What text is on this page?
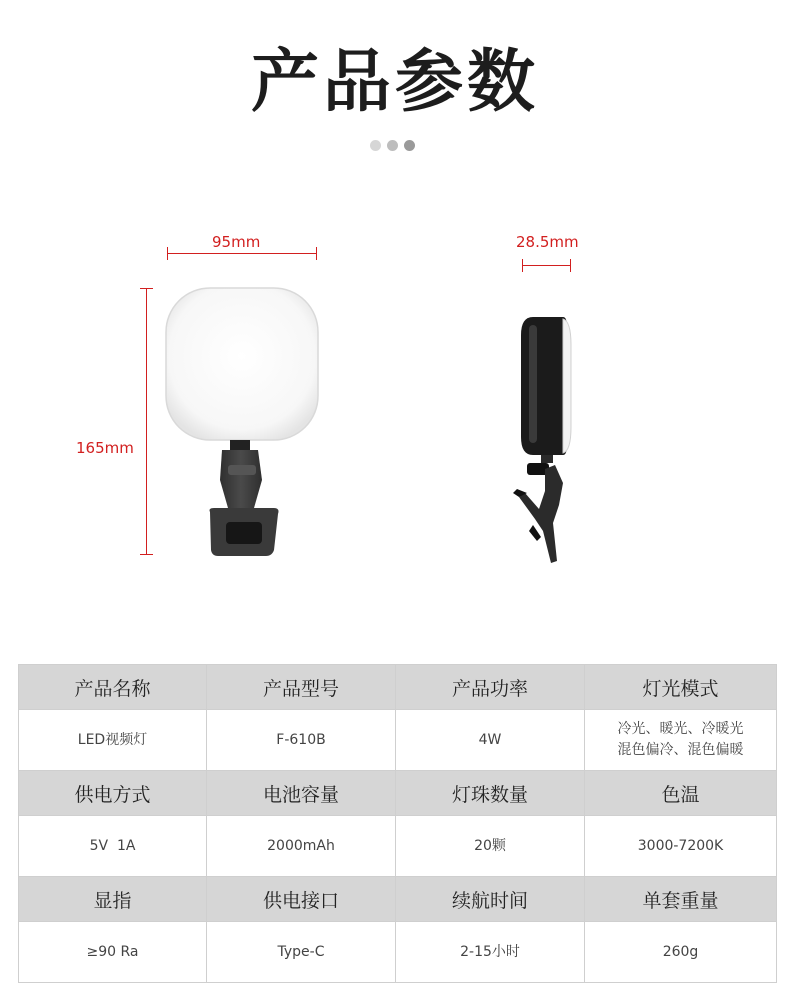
产品参数
95mm
165mm
28.5mm
产品名称	产品型号	产品功率	灯光模式
LED视频灯	F-610B	4W	冷光、暖光、冷暖光
混色偏冷、混色偏暖
供电方式	电池容量	灯珠数量	色温
5V  1A	2000mAh	20颗	3000-7200K
显指	供电接口	续航时间	单套重量
≥90 Ra	Type-C	2-15小时	260g
